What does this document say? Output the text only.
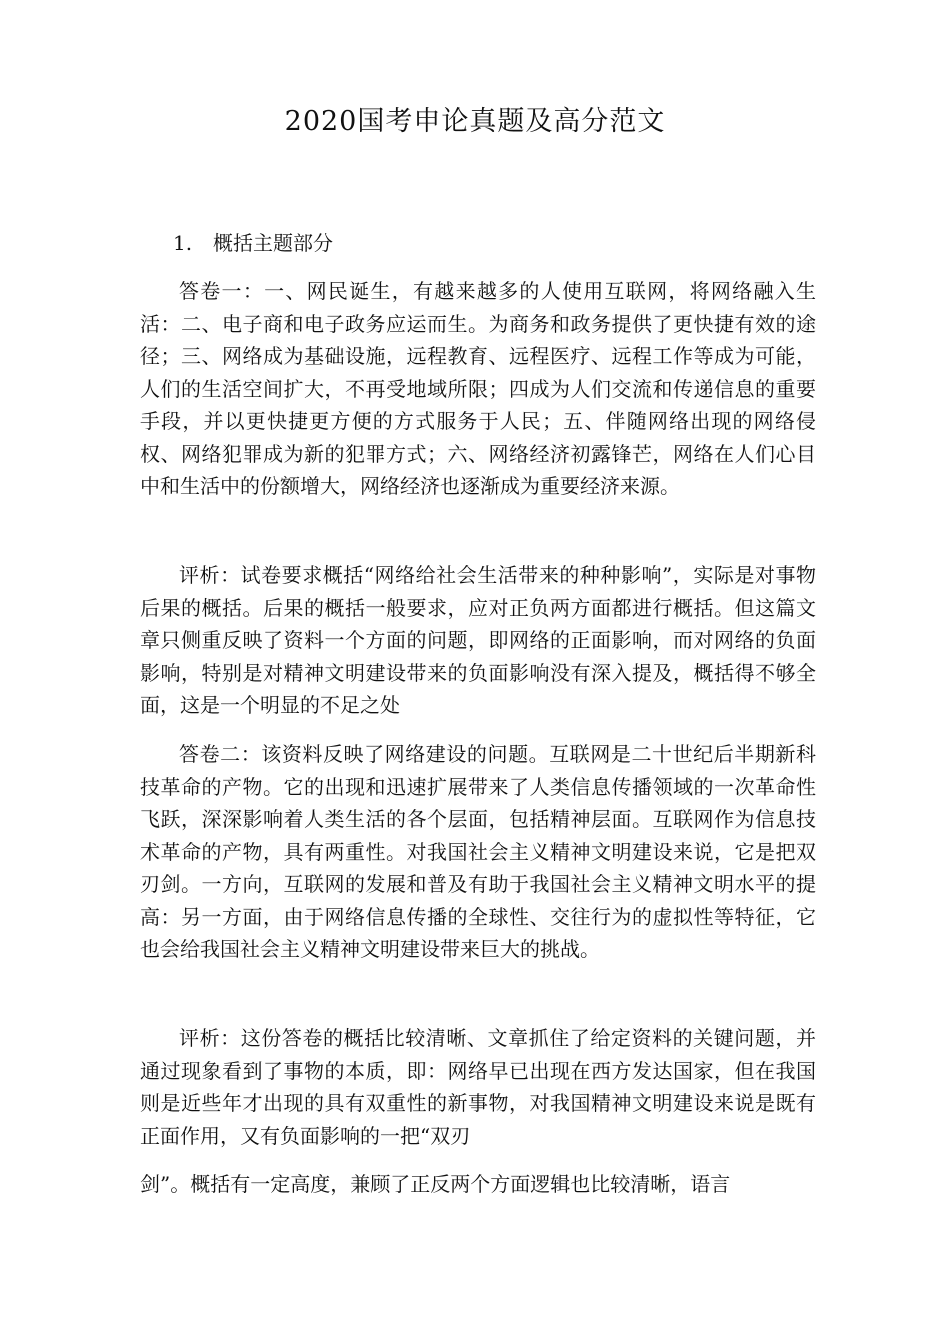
2020国考申论真题及高分范文
1. 概括主题部分

答卷一：一、网民诞生，有越来越多的人使用互联网，将网络融入生活：二、电子商和电子政务应运而生。为商务和政务提供了更快捷有效的途径；三、网络成为基础设施，远程教育、远程医疗、远程工作等成为可能，人们的生活空间扩大，不再受地域所限；四成为人们交流和传递信息的重要手段，并以更快捷更方便的方式服务于人民；五、伴随网络出现的网络侵权、网络犯罪成为新的犯罪方式；六、网络经济初露锋芒，网络在人们心目中和生活中的份额增大，网络经济也逐渐成为重要经济来源。

评析：试卷要求概括“网络给社会生活带来的种种影响”，实际是对事物后果的概括。后果的概括一般要求，应对正负两方面都进行概括。但这篇文章只侧重反映了资料一个方面的问题，即网络的正面影响，而对网络的负面影响，特别是对精神文明建设带来的负面影响没有深入提及，概括得不够全面，这是一个明显的不足之处

答卷二：该资料反映了网络建设的问题。互联网是二十世纪后半期新科技革命的产物。它的出现和迅速扩展带来了人类信息传播领域的一次革命性飞跃，深深影响着人类生活的各个层面，包括精神层面。互联网作为信息技术革命的产物，具有两重性。对我国社会主义精神文明建设来说，它是把双刃剑。一方向，互联网的发展和普及有助于我国社会主义精神文明水平的提高：另一方面，由于网络信息传播的全球性、交往行为的虚拟性等特征，它也会给我国社会主义精神文明建设带来巨大的挑战。

评析：这份答卷的概括比较清晰、文章抓住了给定资料的关键问题，并通过现象看到了事物的本质，即：网络早已出现在西方发达国家，但在我国则是近些年才出现的具有双重性的新事物，对我国精神文明建设来说是既有正面作用，又有负面影响的一把“双刃

剑”。概括有一定高度，兼顾了正反两个方面逻辑也比较清晰，语言
